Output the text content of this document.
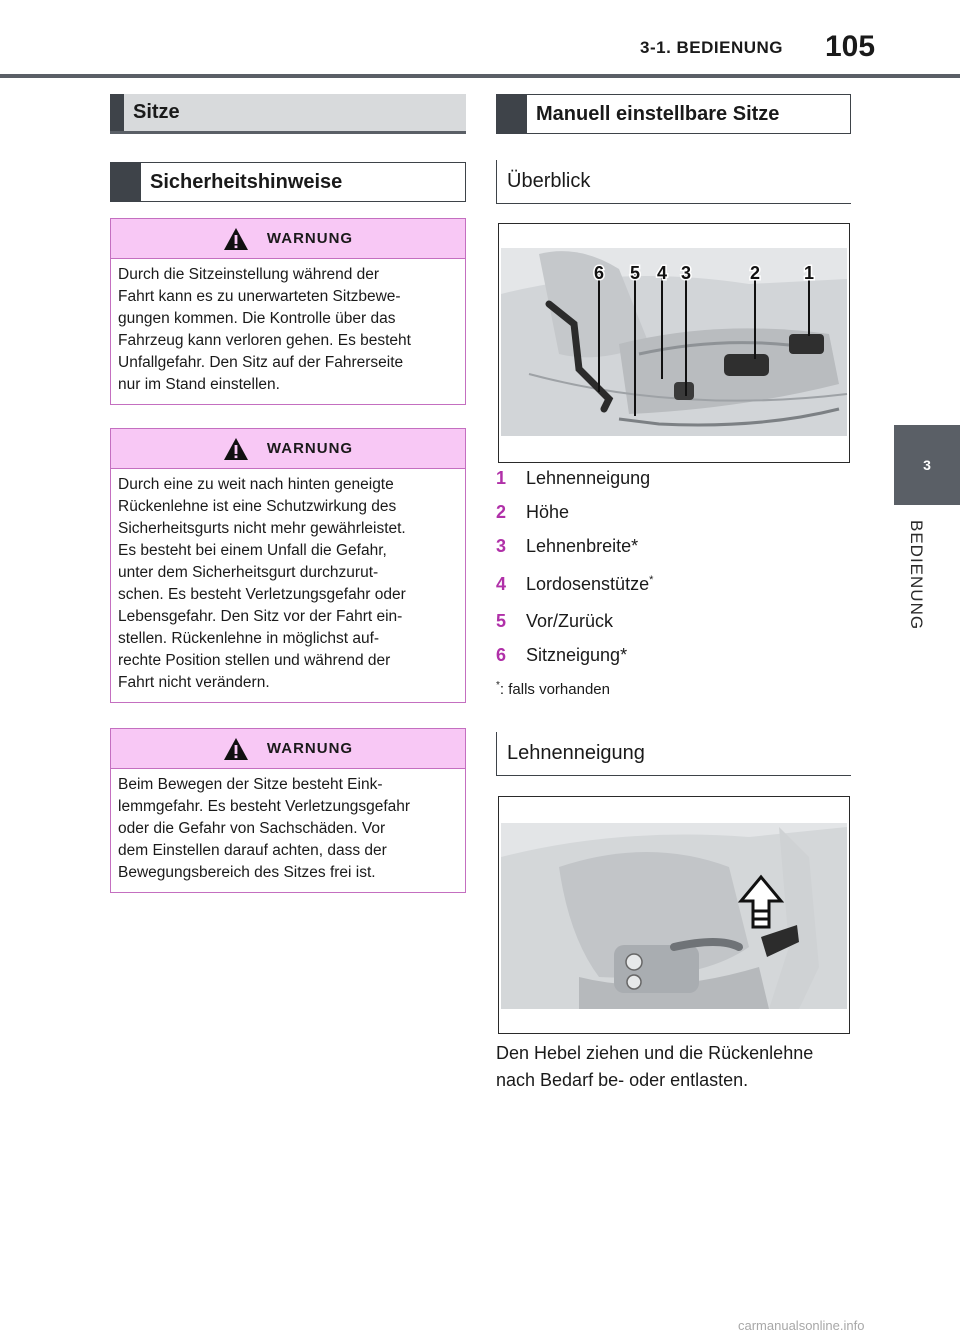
3-1. BEDIENUNG 105
3
BEDIENUNG
Sitze
Sicherheitshinweise
WARNUNG
Durch die Sitzeinstellung während der
Fahrt kann es zu unerwarteten Sitzbewe-
gungen kommen. Die Kontrolle über das
Fahrzeug kann verloren gehen. Es besteht
Unfallgefahr. Den Sitz auf der Fahrerseite
nur im Stand einstellen.
WARNUNG
Durch eine zu weit nach hinten geneigte
Rückenlehne ist eine Schutzwirkung des
Sicherheitsgurts nicht mehr gewährleistet.
Es besteht bei einem Unfall die Gefahr,
unter dem Sicherheitsgurt durchzurut-
schen. Es besteht Verletzungsgefahr oder
Lebensgefahr. Den Sitz vor der Fahrt ein-
stellen. Rückenlehne in möglichst auf-
rechte Position stellen und während der
Fahrt nicht verändern.
WARNUNG
Beim Bewegen der Sitze besteht Eink-
lemmgefahr. Es besteht Verletzungsgefahr
oder die Gefahr von Sachschäden. Vor
dem Einstellen darauf achten, dass der
Bewegungsbereich des Sitzes frei ist.
Manuell einstellbare Sitze
Überblick
6 5 4 3	2 1
1 Lehnenneigung
2 Höhe
3 Lehnenbreite*
4 Lordosenstütze*
5 Vor/Zurück
6 Sitzneigung*
*: falls vorhanden
Lehnenneigung
Den Hebel ziehen und die Rückenlehne
nach Bedarf be- oder entlasten.
carmanualsonline.info
